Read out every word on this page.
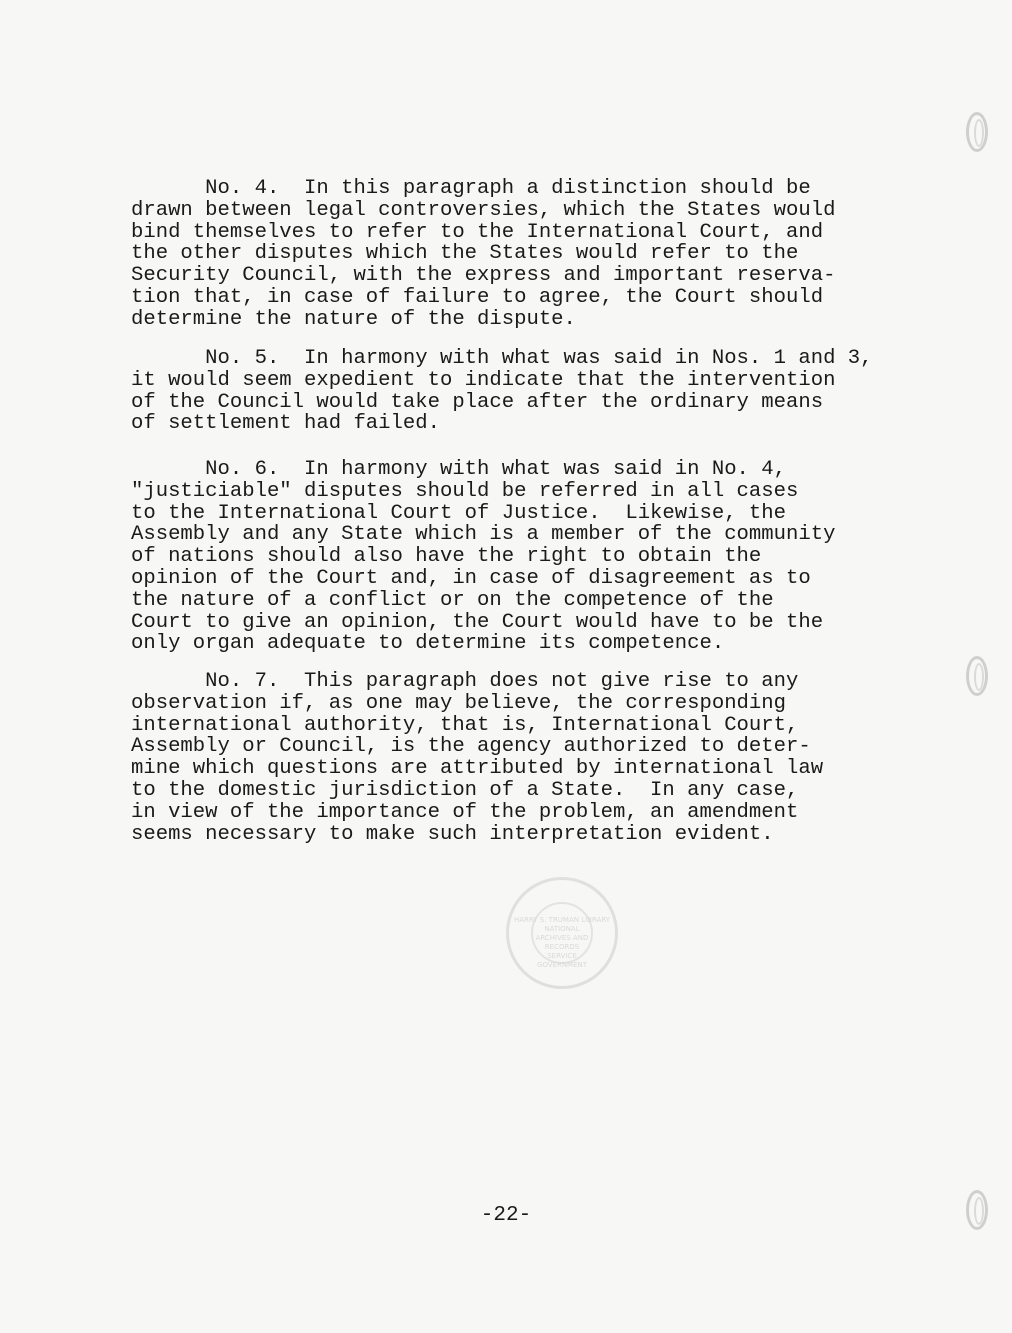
No. 4.  In this paragraph a distinction should be
drawn between legal controversies, which the States would
bind themselves to refer to the International Court, and
the other disputes which the States would refer to the
Security Council, with the express and important reserva-
tion that, in case of failure to agree, the Court should
determine the nature of the dispute.
No. 5.  In harmony with what was said in Nos. 1 and 3,
it would seem expedient to indicate that the intervention
of the Council would take place after the ordinary means
of settlement had failed.
No. 6.  In harmony with what was said in No. 4,
"justiciable" disputes should be referred in all cases
to the International Court of Justice.  Likewise, the
Assembly and any State which is a member of the community
of nations should also have the right to obtain the
opinion of the Court and, in case of disagreement as to
the nature of a conflict or on the competence of the
Court to give an opinion, the Court would have to be the
only organ adequate to determine its competence.
No. 7.  This paragraph does not give rise to any
observation if, as one may believe, the corresponding
international authority, that is, International Court,
Assembly or Council, is the agency authorized to deter-
mine which questions are attributed by international law
to the domestic jurisdiction of a State.  In any case,
in view of the importance of the problem, an amendment
seems necessary to make such interpretation evident.
HARRY S. TRUMAN LIBRARY
NATIONAL
ARCHIVES AND
RECORDS
SERVICE
GOVERNMENT
-22-
